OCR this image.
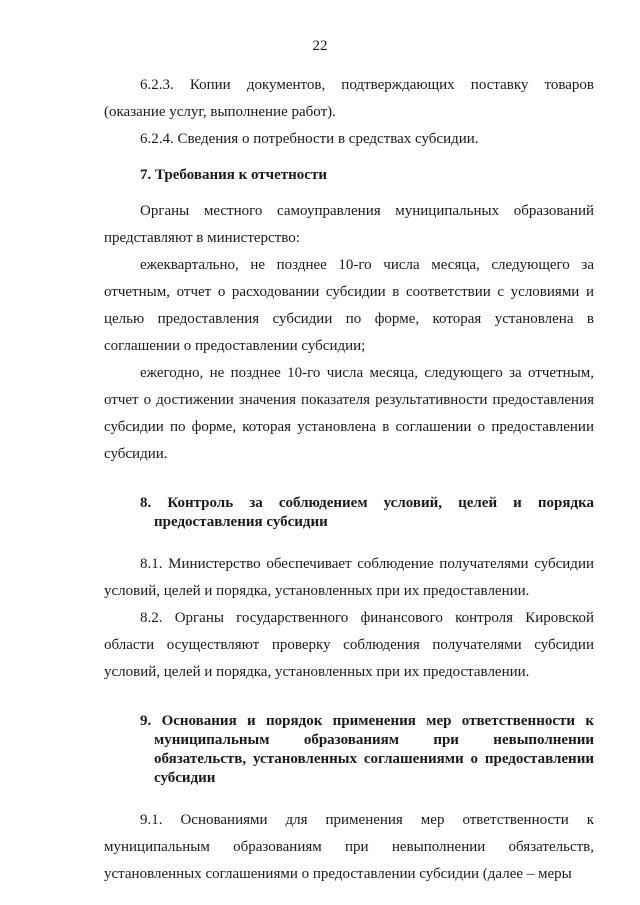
22

6.2.3. Копии документов, подтверждающих поставку товаров (оказание услуг, выполнение работ).

6.2.4. Сведения о потребности в средствах субсидии.

7. Требования к отчетности

Органы местного самоуправления муниципальных образований представляют в министерство:

ежеквартально, не позднее 10-го числа месяца, следующего за отчетным, отчет о расходовании субсидии в соответствии с условиями и целью предоставления субсидии по форме, которая установлена в соглашении о предоставлении субсидии;

ежегодно, не позднее 10-го числа месяца, следующего за отчетным, отчет о достижении значения показателя результативности предоставления субсидии по форме, которая установлена в соглашении о предоставлении субсидии.

8. Контроль за соблюдением условий, целей и порядка предоставления субсидии

8.1. Министерство обеспечивает соблюдение получателями субсидии условий, целей и порядка, установленных при их предоставлении.

8.2. Органы государственного финансового контроля Кировской области осуществляют проверку соблюдения получателями субсидии условий, целей и порядка, установленных при их предоставлении.

9. Основания и порядок применения мер ответственности к муниципальным образованиям при невыполнении обязательств, установленных соглашениями о предоставлении субсидии

9.1. Основаниями для применения мер ответственности к муниципальным образованиям при невыполнении обязательств, установленных соглашениями о предоставлении субсидии (далее – меры
